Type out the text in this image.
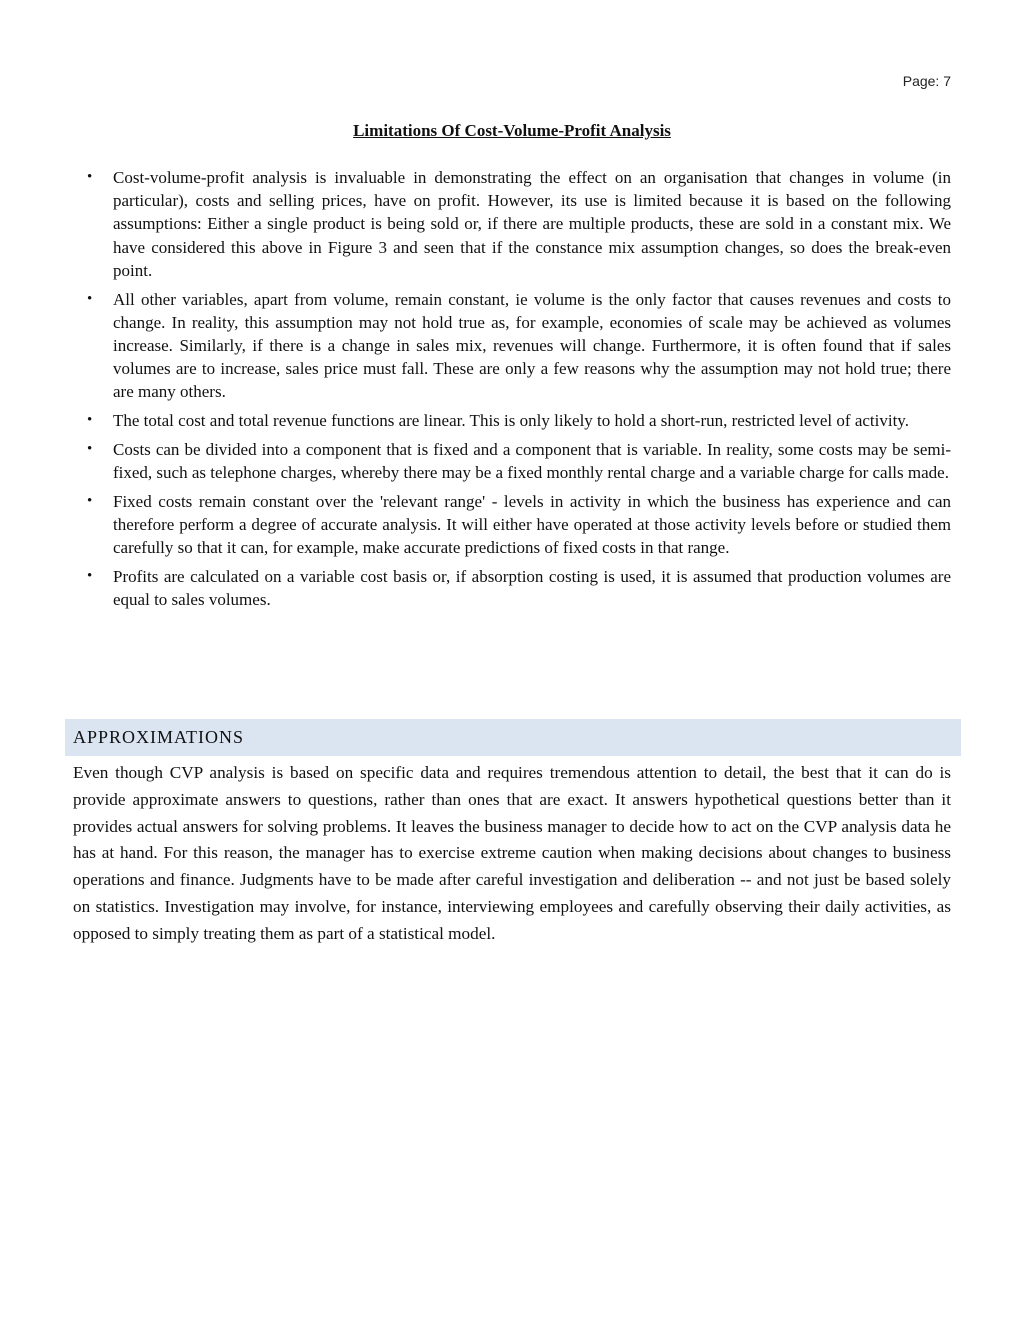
Page: 7
Limitations Of Cost-Volume-Profit Analysis
• Cost-volume-profit analysis is invaluable in demonstrating the effect on an organisation that changes in volume (in particular), costs and selling prices, have on profit. However, its use is limited because it is based on the following assumptions: Either a single product is being sold or, if there are multiple products, these are sold in a constant mix. We have considered this above in Figure 3 and seen that if the constance mix assumption changes, so does the break-even point.
• All other variables, apart from volume, remain constant, ie volume is the only factor that causes revenues and costs to change. In reality, this assumption may not hold true as, for example, economies of scale may be achieved as volumes increase. Similarly, if there is a change in sales mix, revenues will change. Furthermore, it is often found that if sales volumes are to increase, sales price must fall. These are only a few reasons why the assumption may not hold true; there are many others.
• The total cost and total revenue functions are linear. This is only likely to hold a short-run, restricted level of activity.
• Costs can be divided into a component that is fixed and a component that is variable. In reality, some costs may be semi-fixed, such as telephone charges, whereby there may be a fixed monthly rental charge and a variable charge for calls made.
• Fixed costs remain constant over the 'relevant range' - levels in activity in which the business has experience and can therefore perform a degree of accurate analysis. It will either have operated at those activity levels before or studied them carefully so that it can, for example, make accurate predictions of fixed costs in that range.
• Profits are calculated on a variable cost basis or, if absorption costing is used, it is assumed that production volumes are equal to sales volumes.
APPROXIMATIONS

Even though CVP analysis is based on specific data and requires tremendous attention to detail, the best that it can do is provide approximate answers to questions, rather than ones that are exact. It answers hypothetical questions better than it provides actual answers for solving problems. It leaves the business manager to decide how to act on the CVP analysis data he has at hand. For this reason, the manager has to exercise extreme caution when making decisions about changes to business operations and finance. Judgments have to be made after careful investigation and deliberation -- and not just be based solely on statistics. Investigation may involve, for instance, interviewing employees and carefully observing their daily activities, as opposed to simply treating them as part of a statistical model.
